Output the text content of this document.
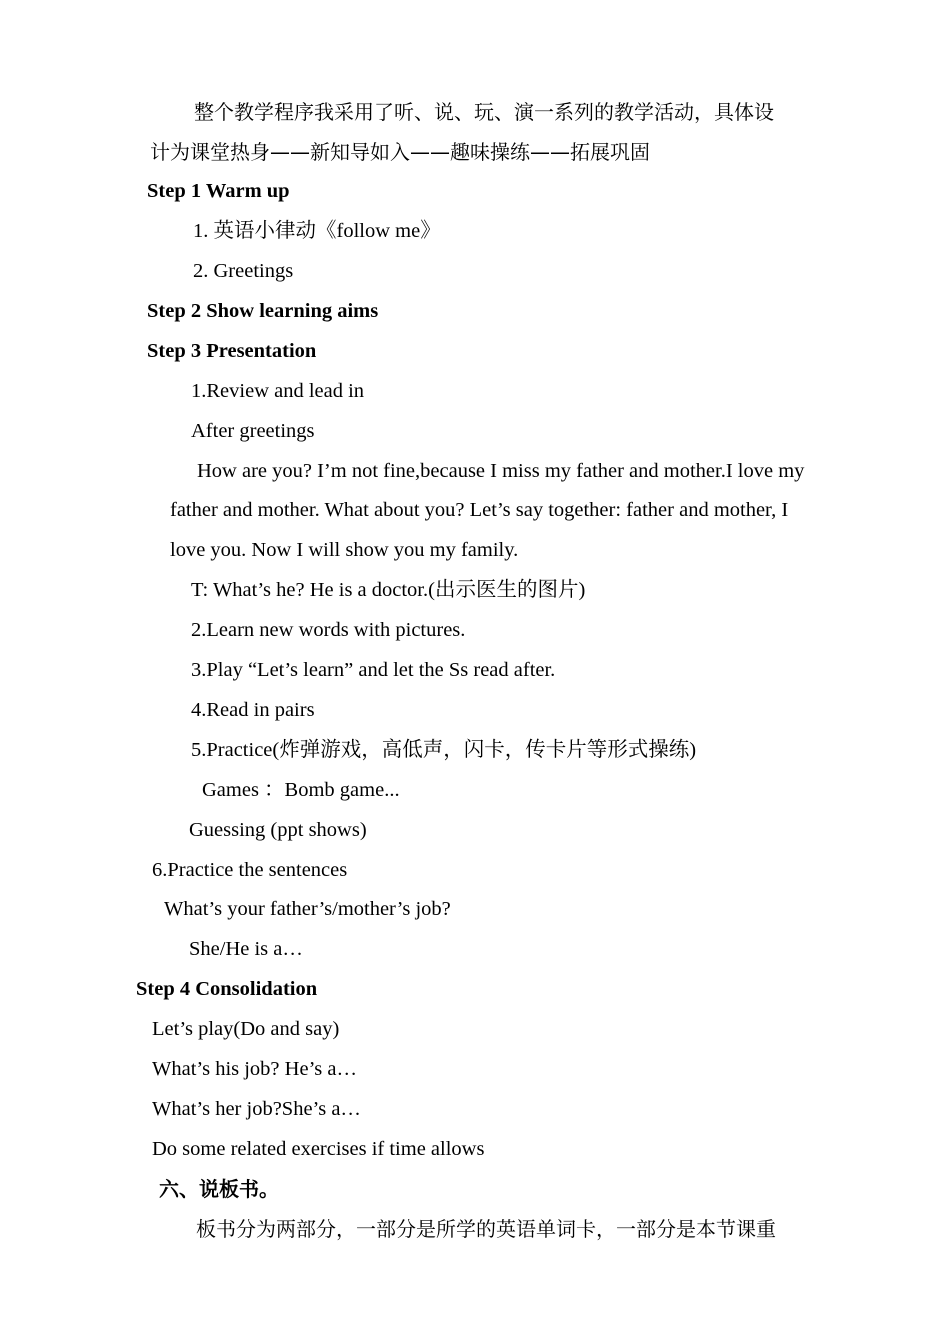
整个教学程序我采用了听、说、玩、演一系列的教学活动，具体设
计为课堂热身——新知导如入——趣味操练——拓展巩固
Step 1 Warm up
1. 英语小律动《follow me》
2. Greetings
Step 2 Show learning aims
Step 3 Presentation
1.Review and lead in
After greetings
How are you? I’m not fine,because I miss my father and mother.I love my
father and mother. What about you? Let’s say together: father and mother, I
love you. Now I will show you my family.
T: What’s he? He is a doctor.(出示医生的图片)
2.Learn new words with pictures.
3.Play “Let’s learn” and let the Ss read after.
4.Read in pairs
5.Practice(炸弹游戏，高低声，闪卡，传卡片等形式操练)
Games ：Bomb game...
Guessing (ppt shows)
6.Practice the sentences
What’s your father’s/mother’s job?
She/He is a…
Step 4 Consolidation
Let’s play(Do and say)
What’s his job? He’s a…
What’s her job?She’s a…
Do some related exercises if time allows
六、说板书。
板书分为两部分，一部分是所学的英语单词卡，一部分是本节课重
